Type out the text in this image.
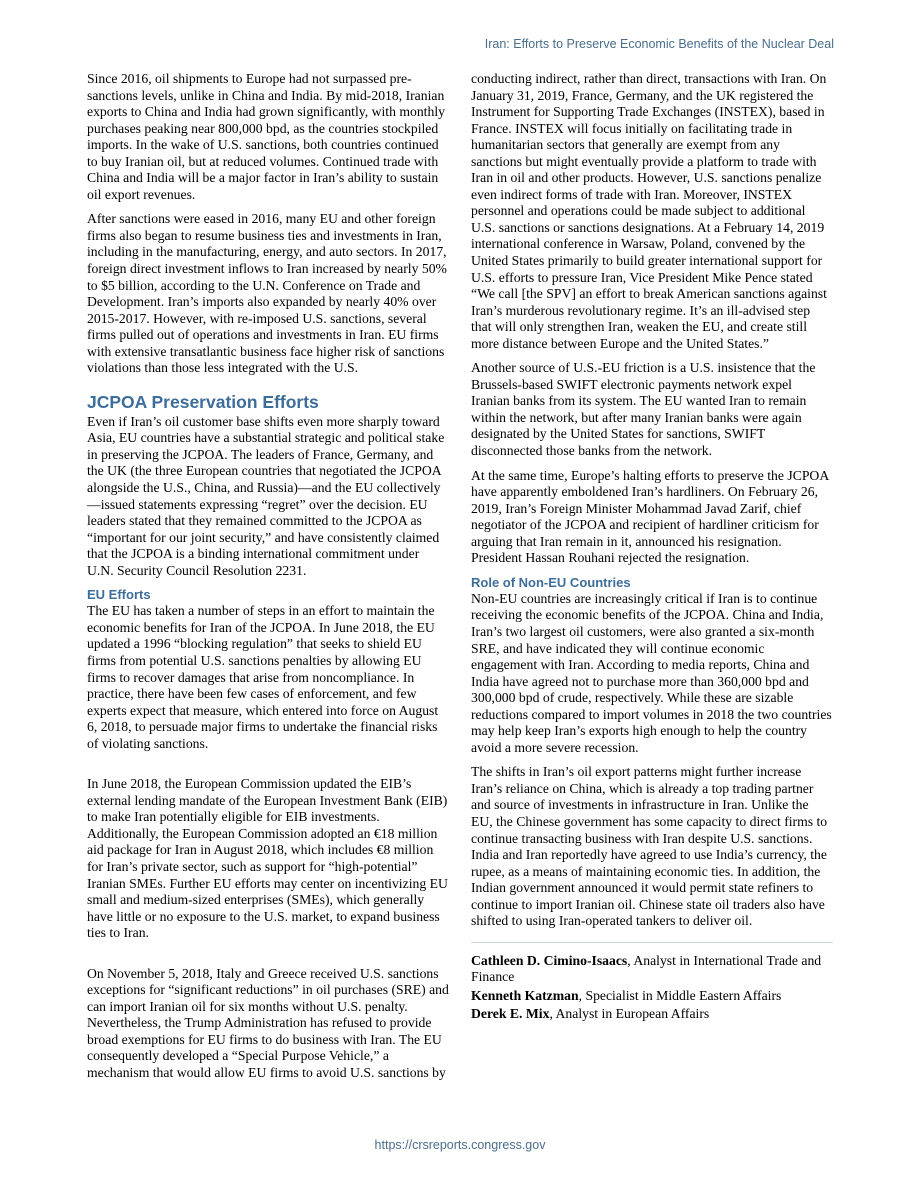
Iran: Efforts to Preserve Economic Benefits of the Nuclear Deal

Since 2016, oil shipments to Europe had not surpassed pre-sanctions levels, unlike in China and India. By mid-2018, Iranian exports to China and India had grown significantly, with monthly purchases peaking near 800,000 bpd, as the countries stockpiled imports. In the wake of U.S. sanctions, both countries continued to buy Iranian oil, but at reduced volumes. Continued trade with China and India will be a major factor in Iran’s ability to sustain oil export revenues.

After sanctions were eased in 2016, many EU and other foreign firms also began to resume business ties and investments in Iran, including in the manufacturing, energy, and auto sectors. In 2017, foreign direct investment inflows to Iran increased by nearly 50% to $5 billion, according to the U.N. Conference on Trade and Development. Iran’s imports also expanded by nearly 40% over 2015-2017. However, with re-imposed U.S. sanctions, several firms pulled out of operations and investments in Iran. EU firms with extensive transatlantic business face higher risk of sanctions violations than those less integrated with the U.S.

JCPOA Preservation Efforts

Even if Iran’s oil customer base shifts even more sharply toward Asia, EU countries have a substantial strategic and political stake in preserving the JCPOA. The leaders of France, Germany, and the UK (the three European countries that negotiated the JCPOA alongside the U.S., China, and Russia)—and the EU collectively—issued statements expressing “regret” over the decision. EU leaders stated that they remained committed to the JCPOA as “important for our joint security,” and have consistently claimed that the JCPOA is a binding international commitment under U.N. Security Council Resolution 2231.

EU Efforts

The EU has taken a number of steps in an effort to maintain the economic benefits for Iran of the JCPOA. In June 2018, the EU updated a 1996 “blocking regulation” that seeks to shield EU firms from potential U.S. sanctions penalties by allowing EU firms to recover damages that arise from noncompliance. In practice, there have been few cases of enforcement, and few experts expect that measure, which entered into force on August 6, 2018, to persuade major firms to undertake the financial risks of violating sanctions.

In June 2018, the European Commission updated the EIB’s external lending mandate of the European Investment Bank (EIB) to make Iran potentially eligible for EIB investments. Additionally, the European Commission adopted an €18 million aid package for Iran in August 2018, which includes €8 million for Iran’s private sector, such as support for “high-potential” Iranian SMEs. Further EU efforts may center on incentivizing EU small and medium-sized enterprises (SMEs), which generally have little or no exposure to the U.S. market, to expand business ties to Iran.

On November 5, 2018, Italy and Greece received U.S. sanctions exceptions for “significant reductions” in oil purchases (SRE) and can import Iranian oil for six months without U.S. penalty. Nevertheless, the Trump Administration has refused to provide broad exemptions for EU firms to do business with Iran. The EU consequently developed a “Special Purpose Vehicle,” a mechanism that would allow EU firms to avoid U.S. sanctions by

conducting indirect, rather than direct, transactions with Iran. On January 31, 2019, France, Germany, and the UK registered the Instrument for Supporting Trade Exchanges (INSTEX), based in France. INSTEX will focus initially on facilitating trade in humanitarian sectors that generally are exempt from any sanctions but might eventually provide a platform to trade with Iran in oil and other products. However, U.S. sanctions penalize even indirect forms of trade with Iran. Moreover, INSTEX personnel and operations could be made subject to additional U.S. sanctions or sanctions designations. At a February 14, 2019 international conference in Warsaw, Poland, convened by the United States primarily to build greater international support for U.S. efforts to pressure Iran, Vice President Mike Pence stated “We call [the SPV] an effort to break American sanctions against Iran’s murderous revolutionary regime. It’s an ill-advised step that will only strengthen Iran, weaken the EU, and create still more distance between Europe and the United States.”

Another source of U.S.-EU friction is a U.S. insistence that the Brussels-based SWIFT electronic payments network expel Iranian banks from its system. The EU wanted Iran to remain within the network, but after many Iranian banks were again designated by the United States for sanctions, SWIFT disconnected those banks from the network.

At the same time, Europe’s halting efforts to preserve the JCPOA have apparently emboldened Iran’s hardliners. On February 26, 2019, Iran’s Foreign Minister Mohammad Javad Zarif, chief negotiator of the JCPOA and recipient of hardliner criticism for arguing that Iran remain in it, announced his resignation. President Hassan Rouhani rejected the resignation.

Role of Non-EU Countries

Non-EU countries are increasingly critical if Iran is to continue receiving the economic benefits of the JCPOA. China and India, Iran’s two largest oil customers, were also granted a six-month SRE, and have indicated they will continue economic engagement with Iran. According to media reports, China and India have agreed not to purchase more than 360,000 bpd and 300,000 bpd of crude, respectively. While these are sizable reductions compared to import volumes in 2018 the two countries may help keep Iran’s exports high enough to help the country avoid a more severe recession.

The shifts in Iran’s oil export patterns might further increase Iran’s reliance on China, which is already a top trading partner and source of investments in infrastructure in Iran. Unlike the EU, the Chinese government has some capacity to direct firms to continue transacting business with Iran despite U.S. sanctions. India and Iran reportedly have agreed to use India’s currency, the rupee, as a means of maintaining economic ties. In addition, the Indian government announced it would permit state refiners to continue to import Iranian oil. Chinese state oil traders also have shifted to using Iran-operated tankers to deliver oil.

Cathleen D. Cimino-Isaacs, Analyst in International Trade and Finance
Kenneth Katzman, Specialist in Middle Eastern Affairs
Derek E. Mix, Analyst in European Affairs
https://crsreports.congress.gov
